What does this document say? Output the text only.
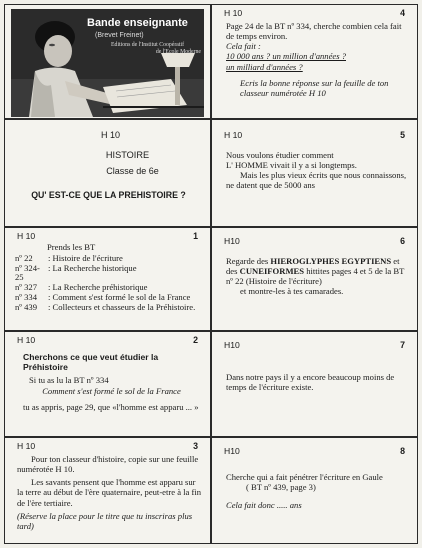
Bande enseignante
(Brevet Freinet)
Editions de l'Institut Coopératif
de l'Ecole Moderne
H 10	4
Page 24 de la BT nº 334, cherche combien cela fait de temps environ.
Cela fait :
10 000 ans ? un million d'années ?
un milliard d'années ?
Ecris la bonne réponse sur la feuille de ton classeur numérotée H 10
H 10
HISTOIRE
Classe de 6e
QU' EST-CE QUE LA PREHISTOIRE ?
H 10	5
Nous voulons étudier comment
L' HOMME vivait il y a si longtemps.
Mais les plus vieux écrits que nous connaissons, ne datent que de 5000 ans
H 10	1
Prends les BT
nº 22	: Histoire de l'écriture
nº 324-25
: La Recherche historique
nº 327	: La Recherche préhistorique
nº 334	: Comment s'est formé le sol de la France
nº 439	: Collecteurs et chasseurs de la Préhistoire.
H10	6
Regarde des HIEROGLYPHES EGYPTIENS et des CUNEIFORMES hittites pages 4 et 5 de la BT nº 22 (Histoire de l'écriture)
et montre-les à tes camarades.
H 10	2
Cherchons ce que veut étudier la Préhistoire
Si tu as lu la BT nº 334
Comment s'est formé le sol de la France
tu as appris, page 29, que «l'homme est apparu ... »
H10	7
Dans notre pays il y a encore beaucoup moins de temps de l'écriture existe.
H 10	3
Pour ton classeur d'histoire, copie sur une feuille numérotée H 10.
Les savants pensent que l'homme est apparu sur la terre au début de l'ère quaternaire, peut-etre à la fin de l'ère tertiaire.
(Réserve la place pour le titre que tu inscriras plus tard)
H10	8
Cherche qui a fait pénétrer l'écriture en Gaule
( BT nº 439, page 3)
Cela fait donc ..... ans
